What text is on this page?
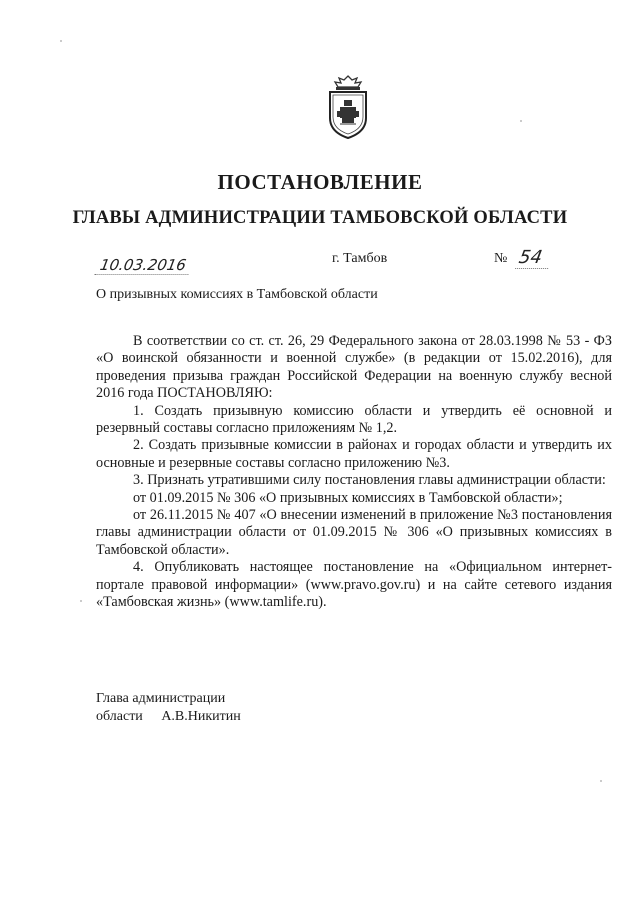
ПОСТАНОВЛЕНИЕ
ГЛАВЫ АДМИНИСТРАЦИИ ТАМБОВСКОЙ ОБЛАСТИ
10.03.2016	г. Тамбов	№ 54
О призывных комиссиях в Тамбовской области

В соответствии со ст. ст. 26, 29 Федерального закона от 28.03.1998 № 53 - ФЗ «О воинской обязанности и военной службе» (в редакции от 15.02.2016), для проведения призыва граждан Российской Федерации на военную службу весной 2016 года ПОСТАНОВЛЯЮ:

1. Создать призывную комиссию области и утвердить её основной и резервный составы согласно приложениям № 1,2.

2. Создать призывные комиссии в районах и городах области и утвердить их основные и резервные составы согласно приложению №3.

3. Признать утратившими силу постановления главы администрации области:

от 01.09.2015 № 306 «О призывных комиссиях в Тамбовской области»;

от 26.11.2015 № 407 «О внесении изменений в приложение №3 постановления главы администрации области от 01.09.2015 № 306 «О призывных комиссиях в Тамбовской области».

4. Опубликовать настоящее постановление на «Официальном интернет-портале правовой информации» (www.pravo.gov.ru) и на сайте сетевого издания «Тамбовская жизнь» (www.tamlife.ru).

Глава администрации
области А.В.Никитин
